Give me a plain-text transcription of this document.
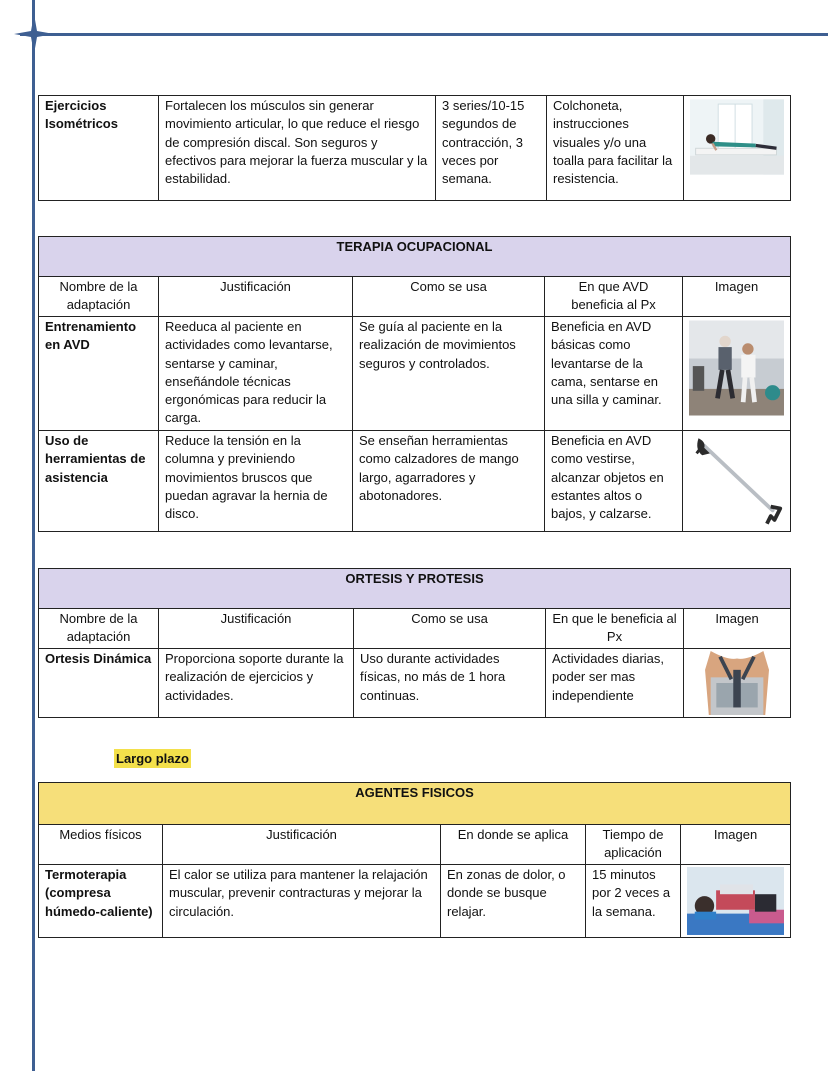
Ejercicios Isométricos	Fortalecen los músculos sin generar movimiento articular, lo que reduce el riesgo de compresión discal. Son seguros y efectivos para mejorar la fuerza muscular y la estabilidad.	3 series/10-15 segundos de contracción, 3 veces por semana.	Colchoneta, instrucciones visuales y/o una toalla para facilitar la resistencia.	
TERAPIA OCUPACIONAL				
Nombre de la adaptación	Justificación	Como se usa	En que AVD beneficia al Px	Imagen
Entrenamiento en AVD	Reeduca al paciente en actividades como levantarse, sentarse y caminar, enseñándole técnicas ergonómicas para reducir la carga.	Se guía al paciente en la realización de movimientos seguros y controlados.	Beneficia en AVD básicas como levantarse de la cama, sentarse en una silla y caminar.	

Uso de herramientas de asistencia	Reduce la tensión en la columna y previniendo movimientos bruscos que puedan agravar la hernia de disco.	Se enseñan herramientas como calzadores de mango largo, agarradores y abotonadores.	Beneficia en AVD como vestirse, alcanzar objetos en estantes altos o bajos, y calzarse.	
ORTESIS Y PROTESIS				
Nombre de la adaptación	Justificación	Como se usa	En que le beneficia al Px	Imagen
Ortesis Dinámica	Proporciona soporte durante la realización de ejercicios y actividades.	Uso durante actividades físicas, no más de 1 hora continuas.	Actividades diarias, poder ser mas independiente	
Largo plazo
AGENTES FISICOS				
Medios físicos	Justificación	En donde se aplica	Tiempo de aplicación	Imagen
Termoterapia (compresa húmedo-caliente)	El calor se utiliza para mantener la relajación muscular, prevenir contracturas y mejorar la circulación.	En zonas de dolor, o donde se busque relajar.	15 minutos por 2 veces a la semana.	
